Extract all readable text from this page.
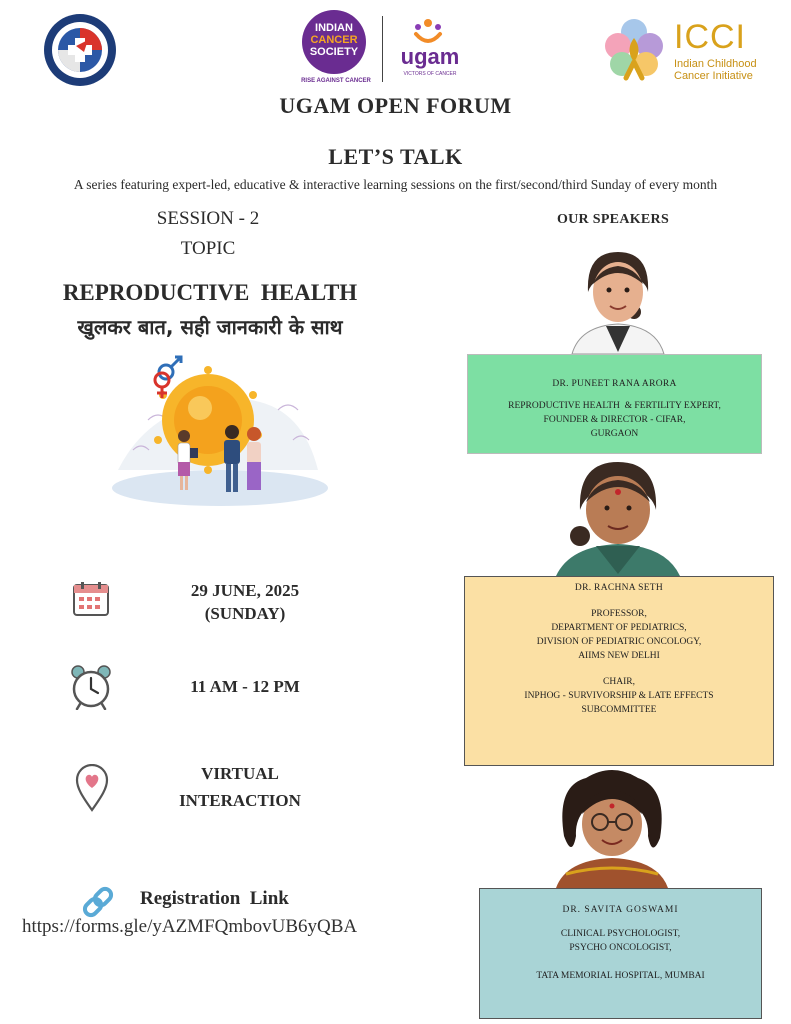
INDIAN
CANCER
SOCIETY
RISE AGAINST CANCER
ugam
VICTORS OF CANCER
ICCI
Indian Childhood
Cancer Initiative
UGAM OPEN FORUM
LET’S TALK
A series featuring expert-led, educative & interactive learning sessions on the first/second/third Sunday of every month
SESSION - 2
TOPIC
REPRODUCTIVE  HEALTH
खुलकर बात, सही जानकारी के साथ
29 JUNE, 2025
(SUNDAY)
11 AM - 12 PM
VIRTUAL
INTERACTION
Registration  Link
https://forms.gle/yAZMFQmbovUB6yQBA
OUR SPEAKERS
DR. PUNEET RANA ARORA
REPRODUCTIVE HEALTH  & FERTILITY EXPERT,
FOUNDER & DIRECTOR - CIFAR,
GURGAON
DR. RACHNA SETH
PROFESSOR,
DEPARTMENT OF PEDIATRICS,
DIVISION OF PEDIATRIC ONCOLOGY,
AIIMS NEW DELHI
CHAIR,
INPHOG - SURVIVORSHIP & LATE EFFECTS
SUBCOMMITTEE
DR. SAVITA GOSWAMI
CLINICAL PSYCHOLOGIST,
PSYCHO ONCOLOGIST,
TATA MEMORIAL HOSPITAL, MUMBAI
